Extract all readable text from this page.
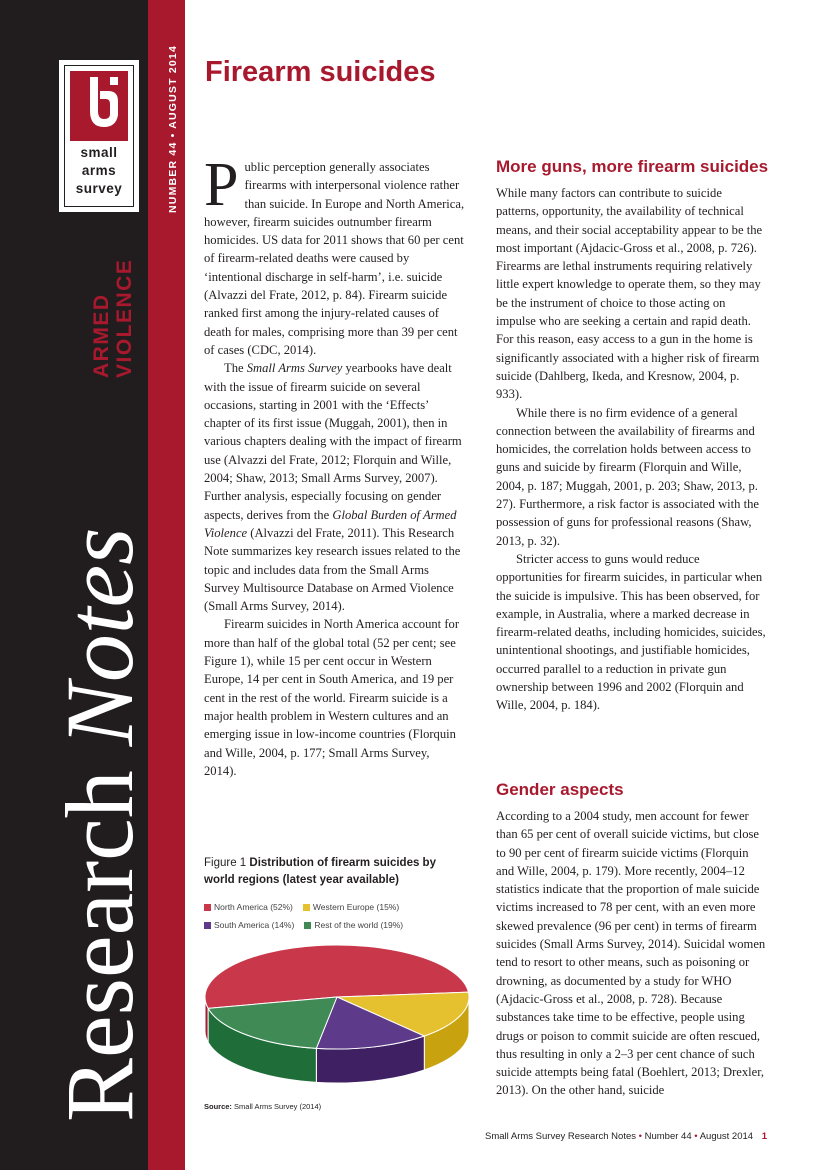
small
arms
survey	NUMBER 44 • AUGUST 2014
ARMED VIOLENCE
Research Notes
Firearm suicides

Public perception generally associates firearms with interpersonal violence rather than suicide. In Europe and North America, however, firearm suicides outnumber firearm homicides. US data for 2011 shows that 60 per cent of firearm-related deaths were caused by ‘intentional discharge in self-harm’, i.e. suicide (Alvazzi del Frate, 2012, p. 84). Firearm suicide ranked first among the injury-related causes of death for males, comprising more than 39 per cent of cases (CDC, 2014).

The Small Arms Survey yearbooks have dealt with the issue of firearm suicide on several occasions, starting in 2001 with the ‘Effects’ chapter of its first issue (Muggah, 2001), then in various chapters dealing with the impact of firearm use (Alvazzi del Frate, 2012; Florquin and Wille, 2004; Shaw, 2013; Small Arms Survey, 2007). Further analysis, especially focusing on gender aspects, derives from the Global Burden of Armed Violence (Alvazzi del Frate, 2011). This Research Note summarizes key research issues related to the topic and includes data from the Small Arms Survey Multisource Database on Armed Violence (Small Arms Survey, 2014).

Firearm suicides in North America account for more than half of the global total (52 per cent; see Figure 1), while 15 per cent occur in Western Europe, 14 per cent in South America, and 19 per cent in the rest of the world. Firearm suicide is a major health problem in Western cultures and an emerging issue in low-income countries (Florquin and Wille, 2004, p. 177; Small Arms Survey, 2014).

Figure 1 Distribution of firearm suicides by world regions (latest year available)
North America (52%) Western Europe (15%)
South America (14%) Rest of the world (19%)
Source: Small Arms Survey (2014)
More guns, more firearm suicides

While many factors can contribute to suicide patterns, opportunity, the availability of technical means, and their social acceptability appear to be the most important (Ajdacic-Gross et al., 2008, p. 726). Firearms are lethal instruments requiring relatively little expert knowledge to operate them, so they may be the instrument of choice to those acting on impulse who are seeking a certain and rapid death. For this reason, easy access to a gun in the home is significantly associated with a higher risk of firearm suicide (Dahlberg, Ikeda, and Kresnow, 2004, p. 933).

While there is no firm evidence of a general connection between the availability of firearms and homicides, the correlation holds between access to guns and suicide by firearm (Florquin and Wille, 2004, p. 187; Muggah, 2001, p. 203; Shaw, 2013, p. 27). Furthermore, a risk factor is associated with the possession of guns for professional reasons (Shaw, 2013, p. 32).

Stricter access to guns would reduce opportunities for firearm suicides, in particular when the suicide is impulsive. This has been observed, for example, in Australia, where a marked decrease in firearm-related deaths, including homicides, suicides, unintentional shootings, and justifiable homicides, occurred parallel to a reduction in private gun ownership between 1996 and 2002 (Florquin and Wille, 2004, p. 184).

Gender aspects

According to a 2004 study, men account for fewer than 65 per cent of overall suicide victims, but close to 90 per cent of firearm suicide victims (Florquin and Wille, 2004, p. 179). More recently, 2004–12 statistics indicate that the proportion of male suicide victims increased to 78 per cent, with an even more skewed prevalence (96 per cent) in terms of firearm suicides (Small Arms Survey, 2014). Suicidal women tend to resort to other means, such as poisoning or drowning, as documented by a study for WHO (Ajdacic-Gross et al., 2008, p. 728). Because substances take time to be effective, people using drugs or poison to commit suicide are often rescued, thus resulting in only a 2–3 per cent chance of such suicide attempts being fatal (Boehlert, 2013; Drexler, 2013). On the other hand, suicide

Small Arms Survey Research Notes • Number 44 • August 2014 1
